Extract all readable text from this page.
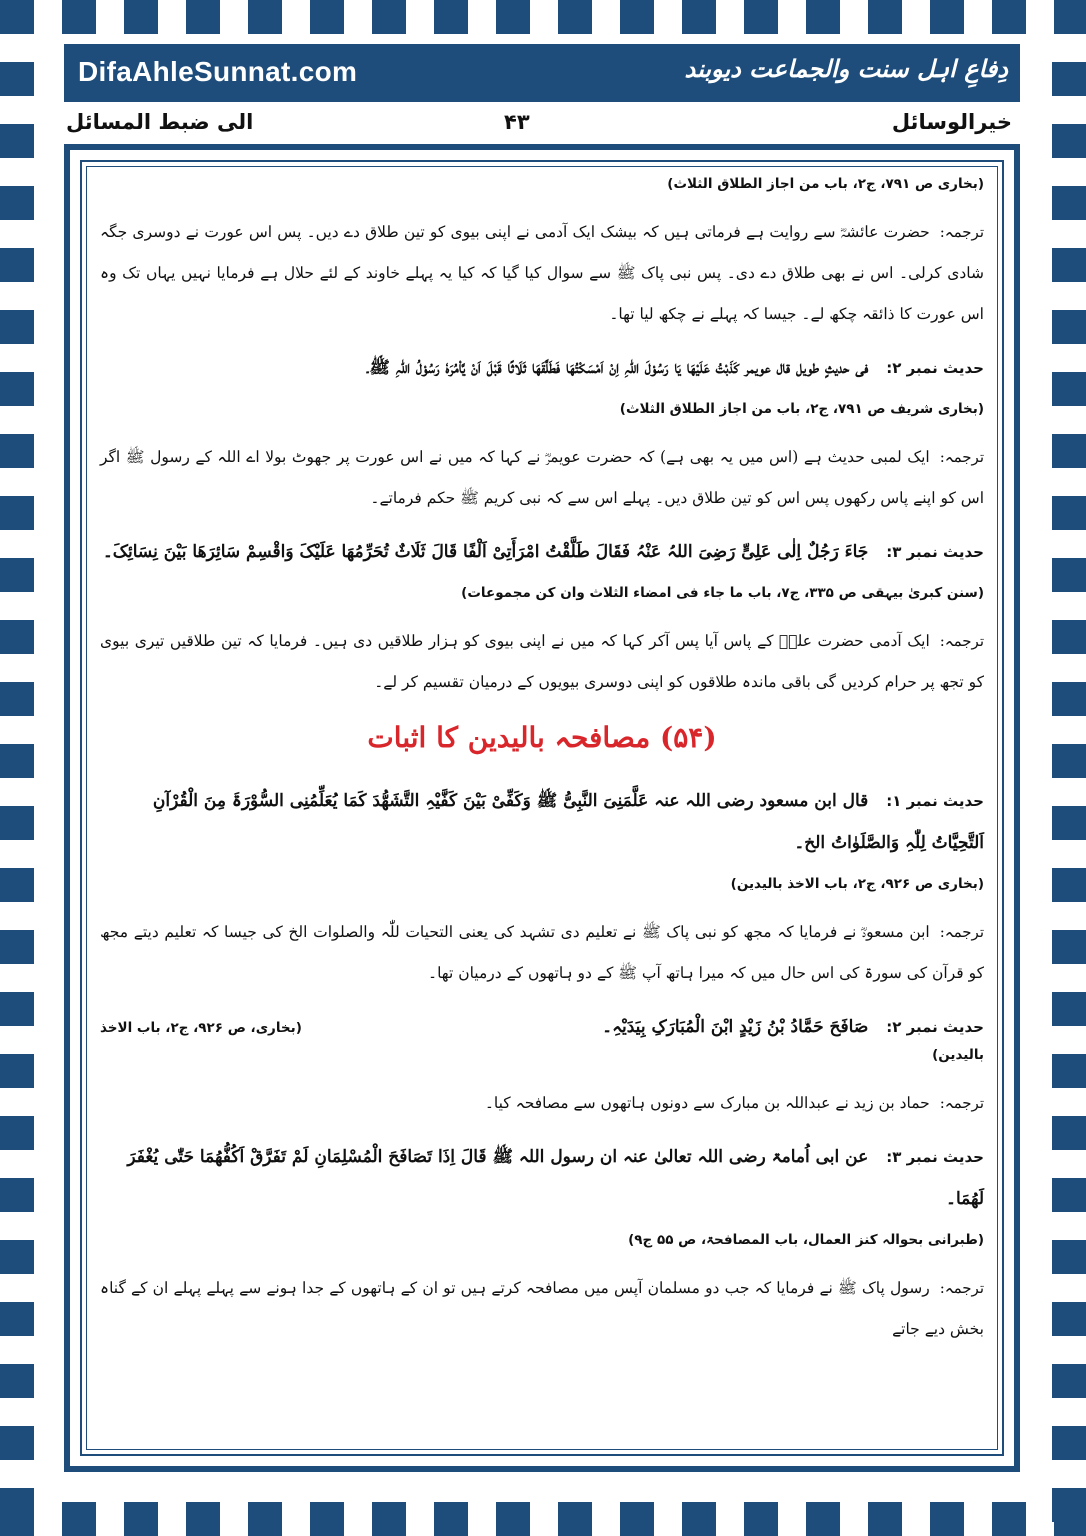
DifaAhleSunnat.com	دِفاعِ اہل سنت والجماعت دیوبند
الی ضبط المسائل	۴۳	خیرالوسائل
(بخاری ص ۷۹۱، ج۲، باب من اجاز الطلاق الثلاث)
ترجمہ:حضرت عائشہؓ سے روایت ہے فرماتی ہیں کہ بیشک ایک آدمی نے اپنی بیوی کو تین طلاق دے دیں۔ پس اس عورت نے دوسری جگہ شادی کرلی۔ اس نے بھی طلاق دے دی۔ پس نبی پاک ﷺ سے سوال کیا گیا کہ کیا یہ پہلے خاوند کے لئے حلال ہے فرمایا نہیں یہاں تک وہ اس عورت کا ذائقہ چکھ لے۔ جیسا کہ پہلے نے چکھ لیا تھا۔
حدیث نمبر ۲:فی حدیثٍ طویل قال عویمر کَذَبْتُ عَلَیْھَا یَا رَسُوْلَ اللہِ اِنْ اَمْسَکْتُھَا فَطَلَّقَھَا ثَلَاثًا قَبْلَ اَنْ یَّاْمُرَہٗ رَسُوْلُ اللہِ ﷺ۔
(بخاری شریف ص ۷۹۱، ج۲، باب من اجاز الطلاق الثلاث)
ترجمہ:ایک لمبی حدیث ہے (اس میں یہ بھی ہے) کہ حضرت عویمرؓ نے کہا کہ میں نے اس عورت پر جھوٹ بولا اے اللہ کے رسول ﷺ اگر اس کو اپنے پاس رکھوں پس اس کو تین طلاق دیں۔ پہلے اس سے کہ نبی کریم ﷺ حکم فرماتے۔
حدیث نمبر ۳:جَاءَ رَجُلٌ اِلٰی عَلِیٍّ رَضِیَ اللہُ عَنْہُ فَقَالَ طَلَّقْتُ امْرَأَتِیْ اَلْفًا قَالَ ثَلَاثٌ تُحَرِّمُھَا عَلَیْکَ وَاقْسِمْ سَائِرَھَا بَیْنَ نِسَائِکَ۔
(سنن کبریٰ بیہقی ص ۳۳۵، ج۷، باب ما جاء فی امضاء الثلاث وان کن مجموعات)
ترجمہ:ایک آدمی حضرت علیؓ کے پاس آیا پس آکر کہا کہ میں نے اپنی بیوی کو ہزار طلاقیں دی ہیں۔ فرمایا کہ تین طلاقیں تیری بیوی کو تجھ پر حرام کردیں گی باقی ماندہ طلاقوں کو اپنی دوسری بیویوں کے درمیان تقسیم کر لے۔
(۵۴) مصافحہ بالیدین کا اثبات
حدیث نمبر ۱:قال ابن مسعود رضی اللہ عنہ عَلَّمَنِیَ النَّبِیُّ ﷺ وَکَفِّیْ بَیْنَ کَفَّیْہِ التَّشَھُّدَ کَمَا یُعَلِّمُنِی السُّوْرَۃَ مِنَ الْقُرْآنِ اَلتَّحِیَّاتُ لِلّٰہِ وَالصَّلَوٰاتُ الخ۔
(بخاری ص ۹۲۶، ج۲، باب الاخذ بالیدین)
ترجمہ:ابن مسعودؓ نے فرمایا کہ مجھ کو نبی پاک ﷺ نے تعلیم دی تشہد کی یعنی التحیات للّٰہ والصلوات الخ کی جیسا کہ تعلیم دیتے مجھ کو قرآن کی سورۃ کی اس حال میں کہ میرا ہاتھ آپ ﷺ کے دو ہاتھوں کے درمیان تھا۔
حدیث نمبر ۲:صَافَحَ حَمَّادُ بْنُ زَیْدٍ ابْنَ الْمُبَارَکِ بِیَدَیْہِ۔
(بخاری، ص ۹۲۶، ج۲، باب الاخذ
بالیدین)
ترجمہ:حماد بن زید نے عبداللہ بن مبارک سے دونوں ہاتھوں سے مصافحہ کیا۔
حدیث نمبر ۳:عن ابی اُمامۃ رضی اللہ تعالیٰ عنہ ان رسول اللہ ﷺ قَالَ اِذَا تَصَافَحَ الْمُسْلِمَانِ لَمْ تَفَرَّقْ اَکُفُّھُمَا حَتّٰی یُغْفَرَ لَھُمَا۔
(طبرانی بحوالہ کنز العمال، باب المصافحۃ، ص ۵۵ ج۹)
ترجمہ:رسول پاک ﷺ نے فرمایا کہ جب دو مسلمان آپس میں مصافحہ کرتے ہیں تو ان کے ہاتھوں کے جدا ہونے سے پہلے پہلے ان کے گناہ بخش دیے جاتے
